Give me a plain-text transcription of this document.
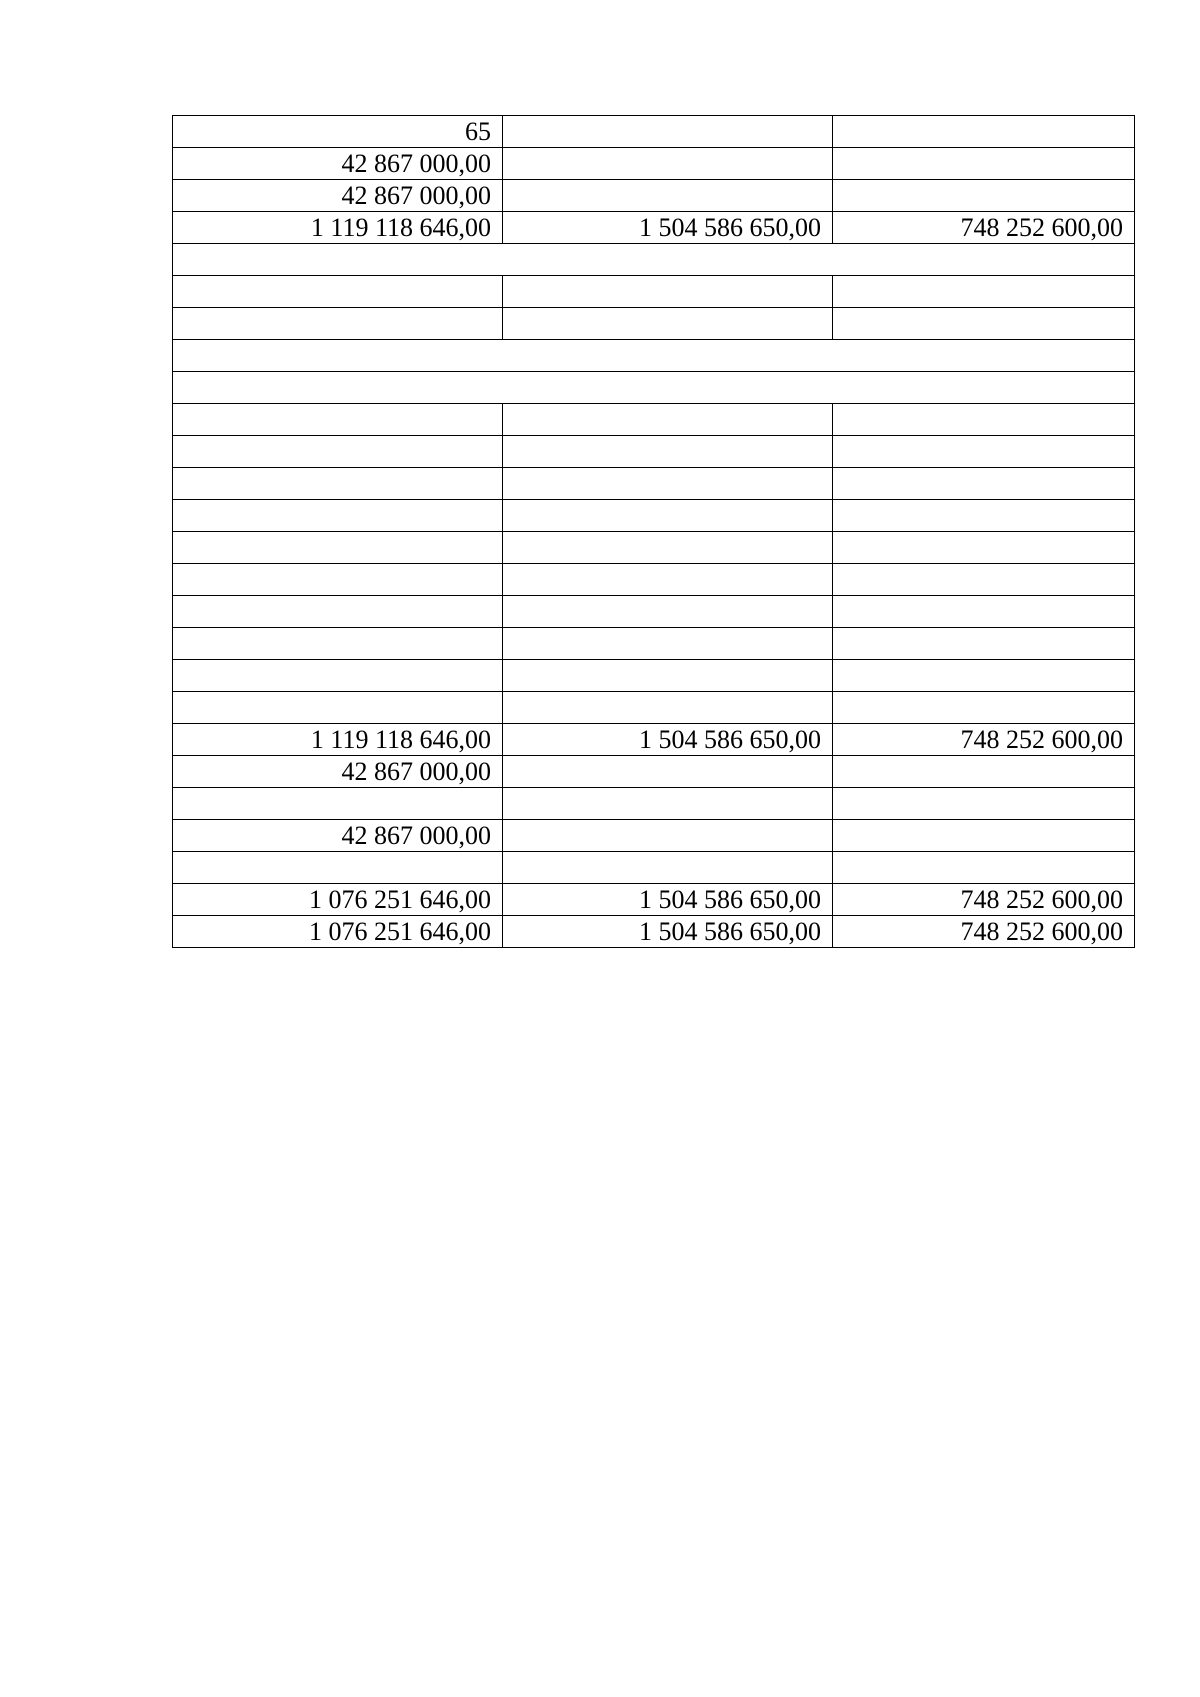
65		
42 867 000,00		
42 867 000,00		
1 119 118 646,00	1 504 586 650,00	748 252 600,00

1 119 118 646,00	1 504 586 650,00	748 252 600,00
42 867 000,00		

42 867 000,00		

1 076 251 646,00	1 504 586 650,00	748 252 600,00
1 076 251 646,00	1 504 586 650,00	748 252 600,00
